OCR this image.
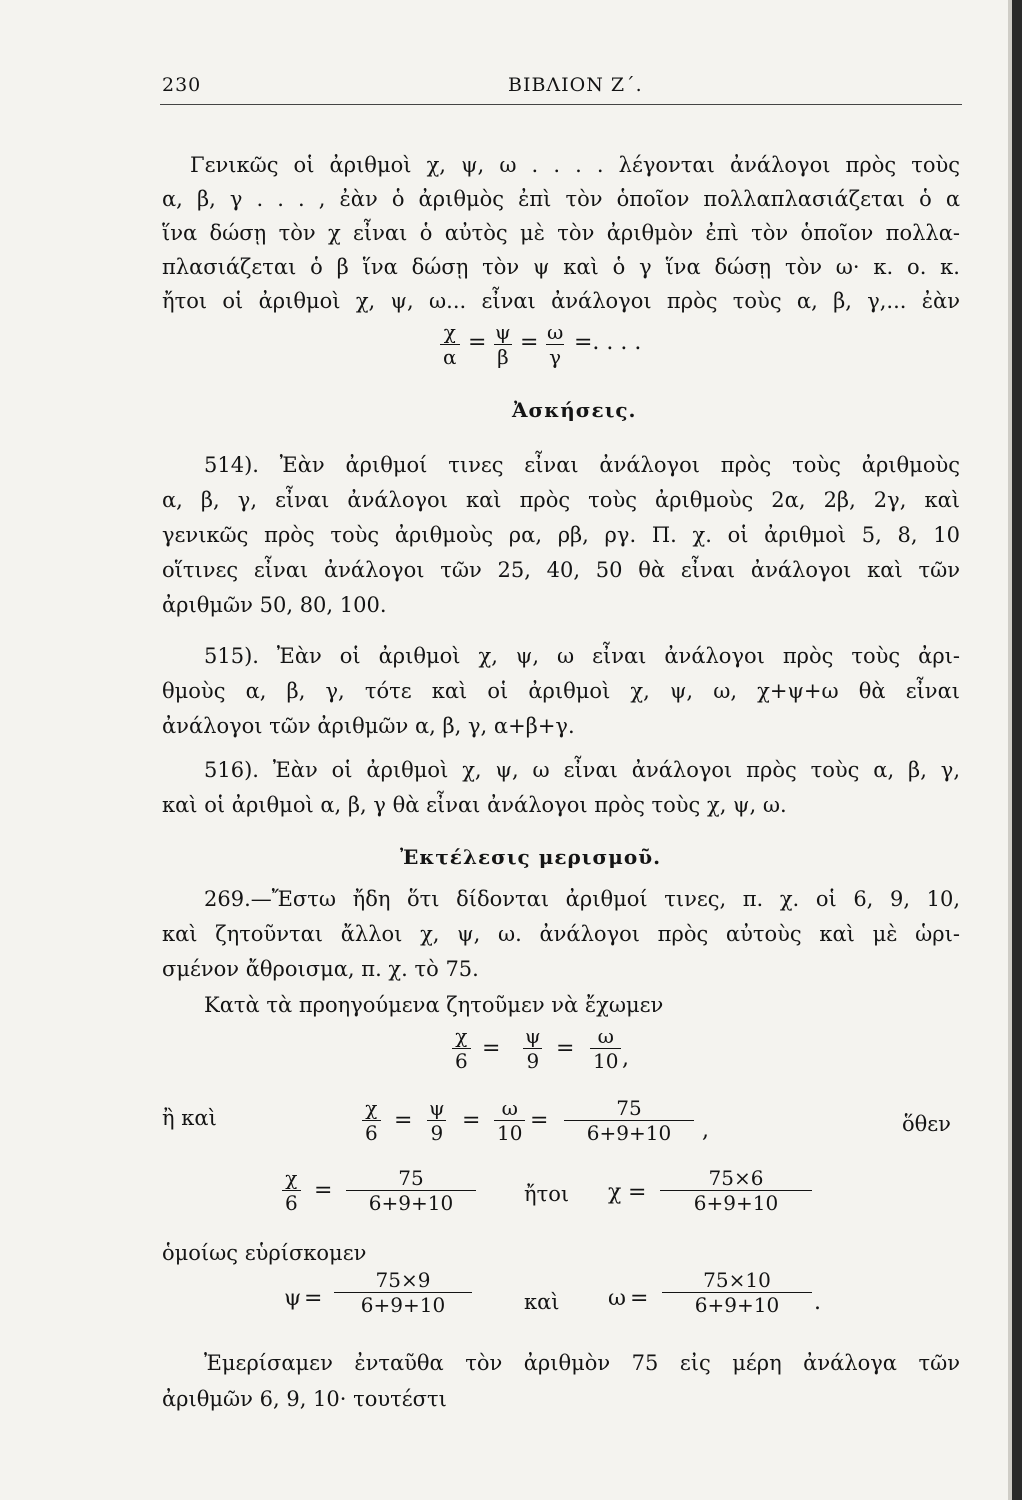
230	ΒΙΒΛΙΟΝ Ζ΄.
Γενικῶς οἱ ἀριθμοὶ χ, ψ, ω . . . . λέγονται ἀνάλογοι πρὸς τοὺς
α, β, γ . . . , ἐὰν ὁ ἀριθμὸς ἐπὶ τὸν ὁποῖον πολλαπλασιάζεται ὁ α
ἵνα δώσῃ τὸν χ εἶναι ὁ αὐτὸς μὲ τὸν ἀριθμὸν ἐπὶ τὸν ὁποῖον πολλα-
πλασιάζεται ὁ β ἵνα δώσῃ τὸν ψ καὶ ὁ γ ἵνα δώσῃ τὸν ω· κ. ο. κ.
ἤτοι οἱ ἀριθμοὶ χ, ψ, ω... εἶναι ἀνάλογοι πρὸς τοὺς α, β, γ,... ἐὰν
$\frac{\chi}{\alpha} = \frac{\psi}{\beta} = \frac{\omega}{\gamma}$ =. . . .
Ἀσκήσεις.
514). Ἐὰν ἀριθμοί τινες εἶναι ἀνάλογοι πρὸς τοὺς ἀριθμοὺς
α, β, γ, εἶναι ἀνάλογοι καὶ πρὸς τοὺς ἀριθμοὺς 2α, 2β, 2γ, καὶ
γενικῶς πρὸς τοὺς ἀριθμοὺς ρα, ρβ, ργ. Π. χ. οἱ ἀριθμοὶ 5, 8, 10
οἵτινες εἶναι ἀνάλογοι τῶν 25, 40, 50 θὰ εἶναι ἀνάλογοι καὶ τῶν
ἀριθμῶν 50, 80, 100.
515). Ἐὰν οἱ ἀριθμοὶ χ, ψ, ω εἶναι ἀνάλογοι πρὸς τοὺς ἀρι-
θμοὺς α, β, γ, τότε καὶ οἱ ἀριθμοὶ χ, ψ, ω, χ+ψ+ω θὰ εἶναι
ἀνάλογοι τῶν ἀριθμῶν α, β, γ, α+β+γ.
516). Ἐὰν οἱ ἀριθμοὶ χ, ψ, ω εἶναι ἀνάλογοι πρὸς τοὺς α, β, γ,
καὶ οἱ ἀριθμοὶ α, β, γ θὰ εἶναι ἀνάλογοι πρὸς τοὺς χ, ψ, ω.
Ἐκτέλεσις μερισμοῦ.
269.—Ἔστω ἤδη ὅτι δίδονται ἀριθμοί τινες, π. χ. οἱ 6, 9, 10,
καὶ ζητοῦνται ἄλλοι χ, ψ, ω. ἀνάλογοι πρὸς αὐτοὺς καὶ μὲ ὡρι-
σμένον ἄθροισμα, π. χ. τὸ 75.
Κατὰ τὰ προηγούμενα ζητοῦμεν νὰ ἔχωμεν
$\frac{\chi}{6} = \frac{\psi}{9} = \frac{\omega}{10}$ ,
ἢ καὶ	$\frac{\chi}{6} = \frac{\psi}{9} = \frac{\omega}{10} = \frac{75}{6+9+10}$ ,	ὅθεν
$\frac{\chi}{6} = \frac{75}{6+9+10}$ ἤτοι $\chi = \frac{75\times 6}{6+9+10}$
ὁμοίως εὑρίσκομεν
$\psi = \frac{75\times 9}{6+9+10}$ καὶ $\omega = \frac{75\times 10}{6+9+10}$ .
Ἐμερίσαμεν ἐνταῦθα τὸν ἀριθμὸν 75 εἰς μέρη ἀνάλογα τῶν
ἀριθμῶν 6, 9, 10· τουτέστι
